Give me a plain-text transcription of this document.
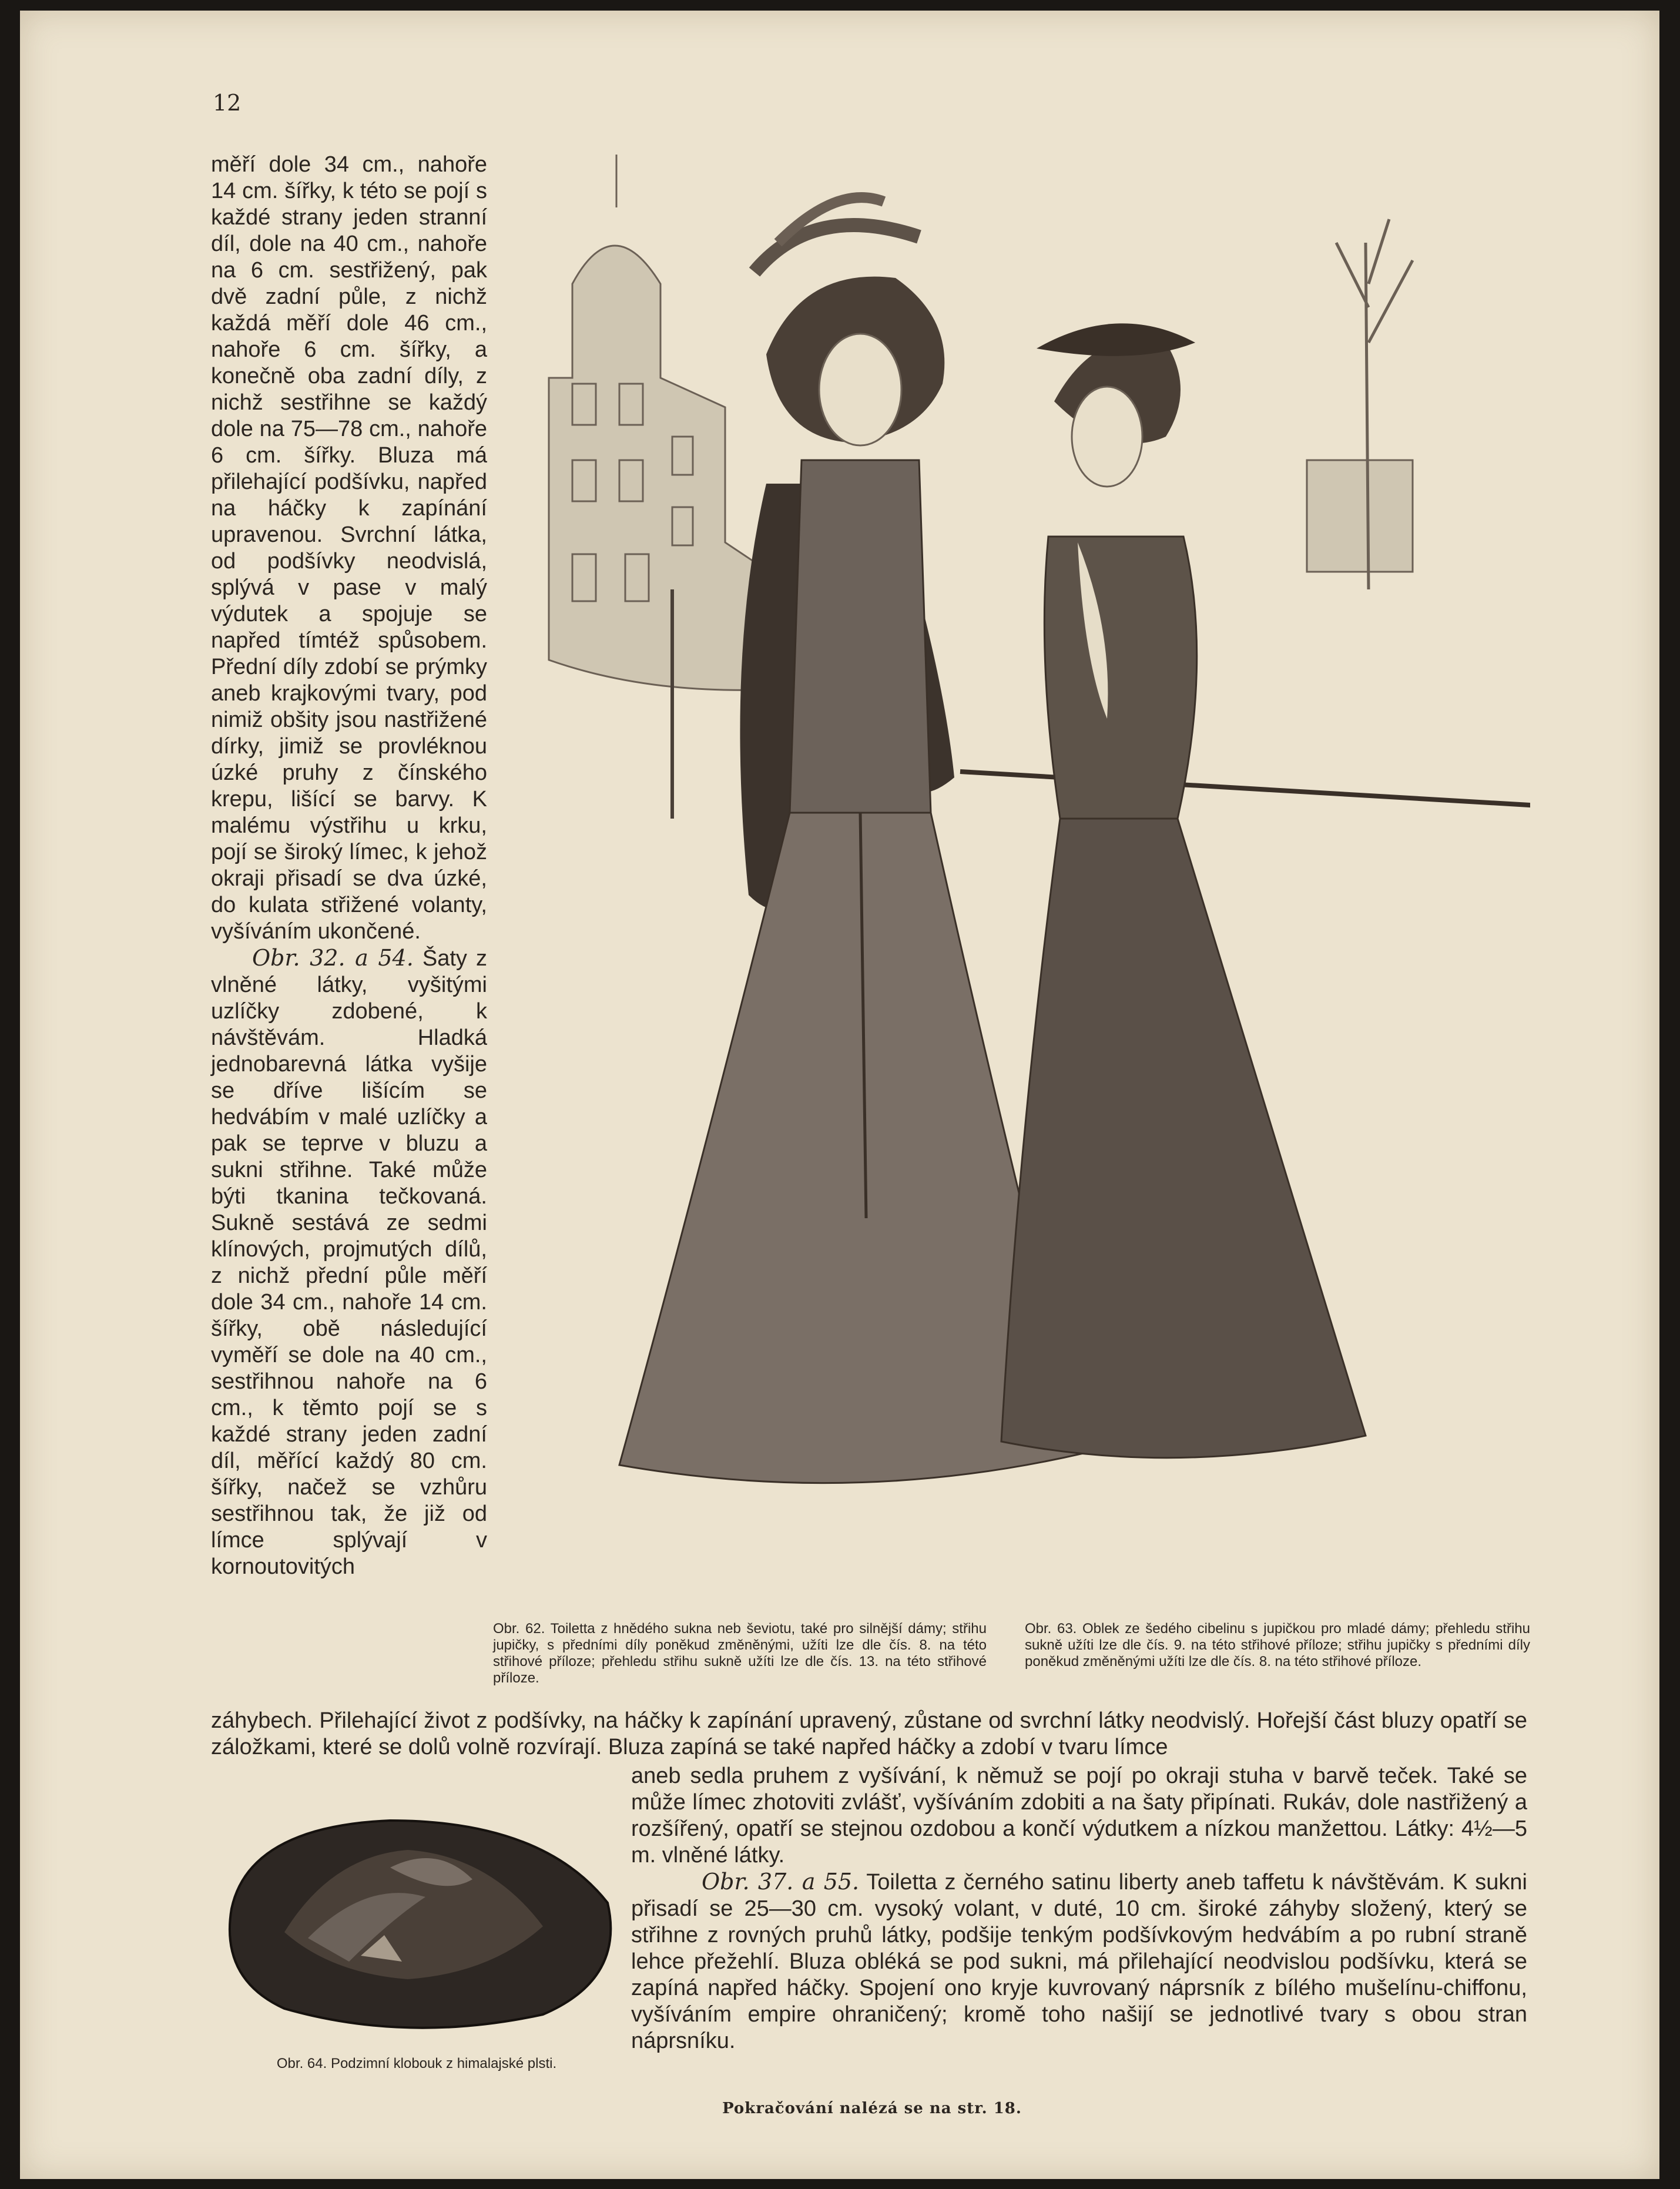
12

měří dole 34 cm., nahoře 14 cm. šířky, k této se pojí s každé strany jeden stranní díl, dole na 40 cm., nahoře na 6 cm. sestřižený, pak dvě zadní půle, z nichž každá měří dole 46 cm., nahoře 6 cm. šířky, a konečně oba zadní díly, z nichž sestřihne se každý dole na 75—78 cm., nahoře 6 cm. šířky. Bluza má přilehající podšívku, napřed na háčky k zapínání upravenou. Svrchní látka, od podšívky neodvislá, splývá v pase v malý výdutek a spojuje se napřed tímtéž spůsobem. Přední díly zdobí se prýmky aneb krajkovými tvary, pod nimiž obšity jsou nastřižené dírky, jimiž se provléknou úzké pruhy z čínského krepu, lišící se barvy. K malému výstřihu u krku, pojí se široký límec, k jehož okraji přisadí se dva úzké, do kulata střižené volanty, vyšíváním ukončené.

Obr. 32. a 54. Šaty z vlněné látky, vyšitými uzlíčky zdobené, k návštěvám. Hladká jednobarevná látka vyšije se dříve lišícím se hedvábím v malé uzlíčky a pak se teprve v bluzu a sukni střihne. Také může býti tkanina tečkovaná. Sukně sestává ze sedmi klínových, projmutých dílů, z nichž přední půle měří dole 34 cm., nahoře 14 cm. šířky, obě následující vyměří se dole na 40 cm., sestřihnou nahoře na 6 cm., k těmto pojí se s každé strany jeden zadní díl, měřící každý 80 cm. šířky, načež se vzhůru sestřihnou tak, že již od límce splývají v kornoutovitých

Obr. 62. Toiletta z hnědého sukna neb ševiotu, také pro silnější dámy; střihu jupičky, s předními díly poněkud změněnými, užíti lze dle čís. 8. na této střihové příloze; přehledu střihu sukně užíti lze dle čís. 13. na této střihové příloze.

Obr. 63. Oblek ze šedého cibelinu s jupičkou pro mladé dámy; přehledu střihu sukně užíti lze dle čís. 9. na této střihové příloze; střihu jupičky s předními díly poněkud změněnými užíti lze dle čís. 8. na této střihové příloze.

záhybech. Přilehající život z podšívky, na háčky k zapínání upravený, zůstane od svrchní látky neodvislý. Hořejší část bluzy opatří se záložkami, které se dolů volně rozvírají. Bluza zapíná se také napřed háčky a zdobí v tvaru límce

Obr. 64. Podzimní klobouk z himalajské plsti.

aneb sedla pruhem z vyšívání, k němuž se pojí po okraji stuha v barvě teček. Také se může límec zhotoviti zvlášť, vyšíváním zdobiti a na šaty připínati. Rukáv, dole nastřižený a rozšířený, opatří se stejnou ozdobou a končí výdutkem a nízkou manžettou. Látky: 4½—5 m. vlněné látky.

Obr. 37. a 55. Toiletta z černého satinu liberty aneb taffetu k návštěvám. K sukni přisadí se 25—30 cm. vysoký volant, v duté, 10 cm. široké záhyby složený, který se střihne z rovných pruhů látky, podšije tenkým podšívkovým hedvábím a po rubní straně lehce přežehlí. Bluza obléká se pod sukni, má přilehající neodvislou podšívku, která se zapíná napřed háčky. Spojení ono kryje kuvrovaný náprsník z bílého mušelínu-chiffonu, vyšíváním empire ohraničený; kromě toho našijí se jednotlivé tvary s obou stran náprsníku.

Pokračování nalézá se na str. 18.
